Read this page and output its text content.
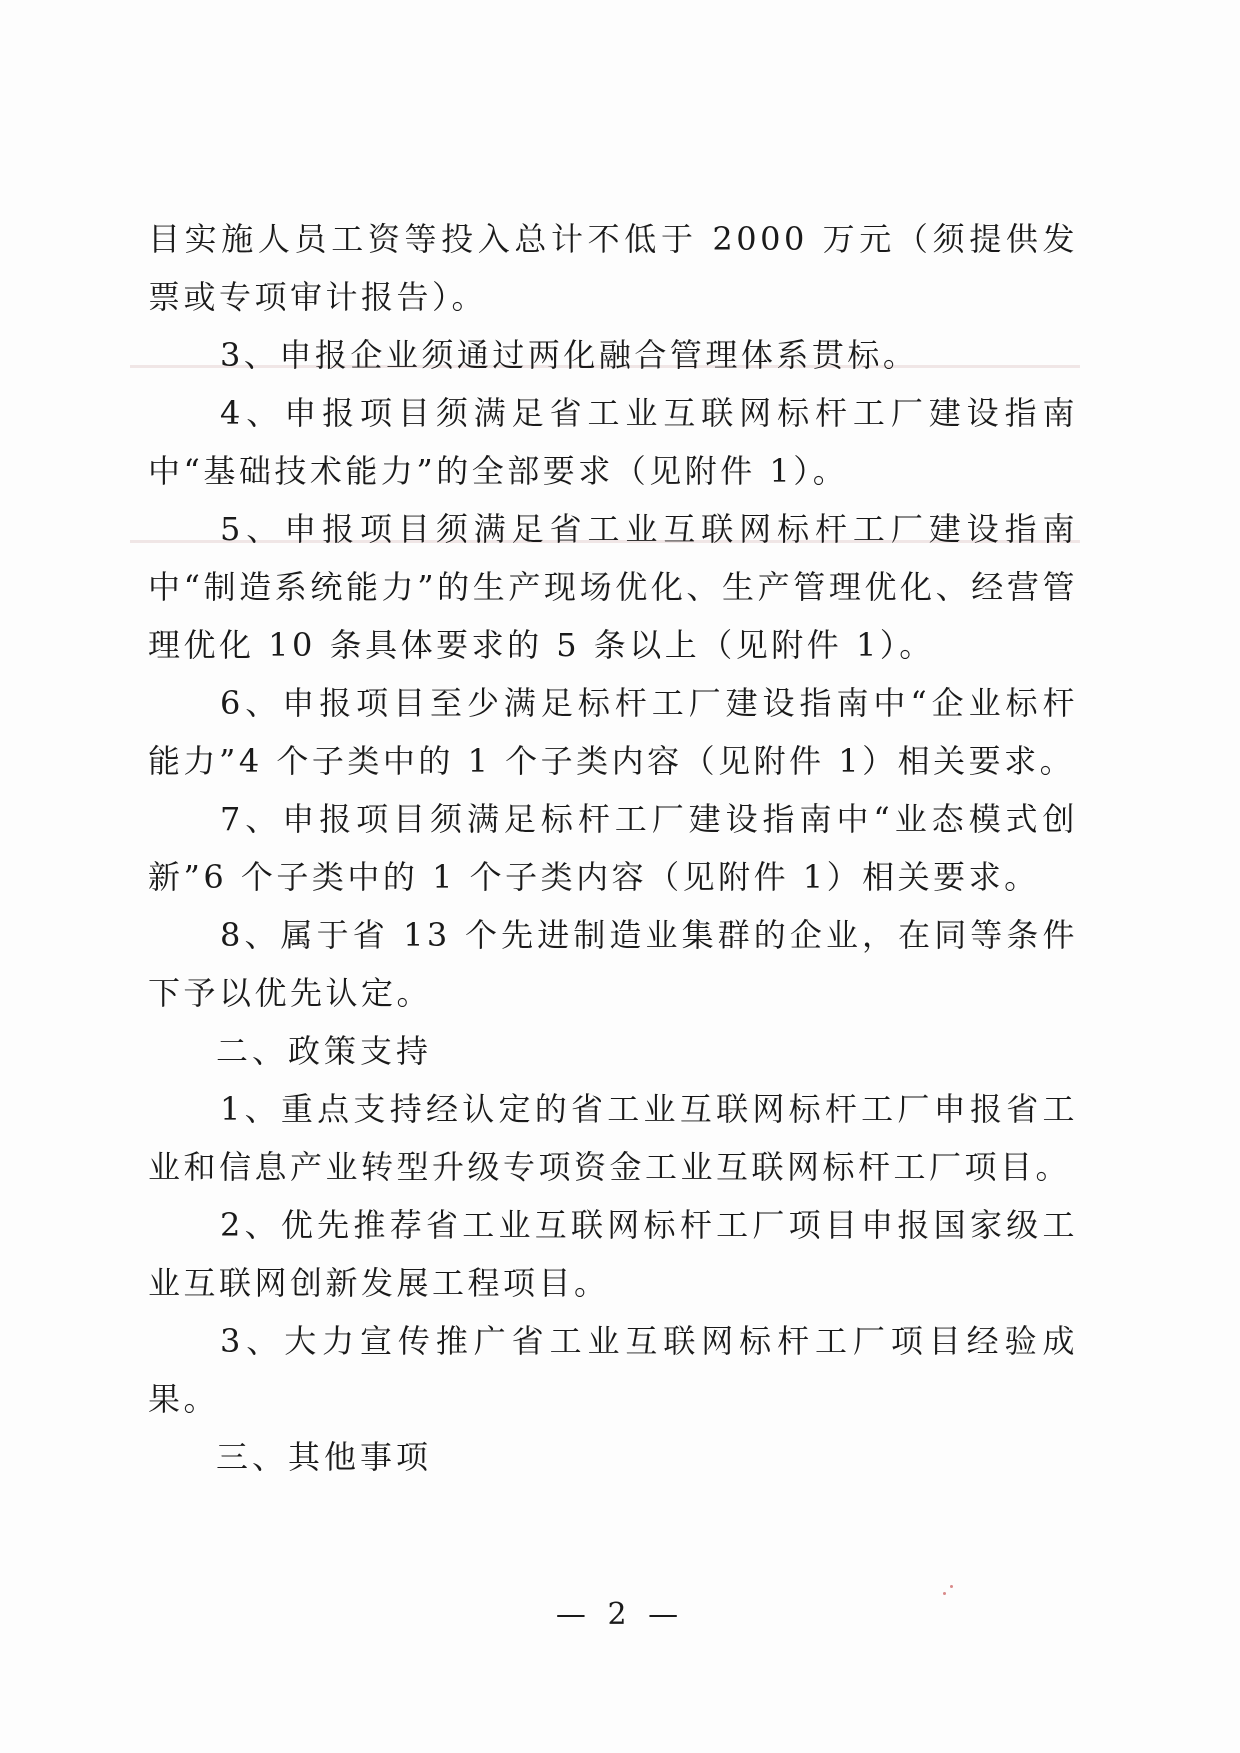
目实施人员工资等投入总计不低于 2000 万元（须提供发票或专项审计报告）。

3、申报企业须通过两化融合管理体系贯标。

4、申报项目须满足省工业互联网标杆工厂建设指南中“基础技术能力”的全部要求（见附件 1）。

5、申报项目须满足省工业互联网标杆工厂建设指南中“制造系统能力”的生产现场优化、生产管理优化、经营管理优化 10 条具体要求的 5 条以上（见附件 1）。

6、申报项目至少满足标杆工厂建设指南中“企业标杆能力”4 个子类中的 1 个子类内容（见附件 1）相关要求。

7、申报项目须满足标杆工厂建设指南中“业态模式创新”6 个子类中的 1 个子类内容（见附件 1）相关要求。

8、属于省 13 个先进制造业集群的企业，在同等条件下予以优先认定。

二、政策支持

1、重点支持经认定的省工业互联网标杆工厂申报省工业和信息产业转型升级专项资金工业互联网标杆工厂项目。

2、优先推荐省工业互联网标杆工厂项目申报国家级工业互联网创新发展工程项目。

3、大力宣传推广省工业互联网标杆工厂项目经验成果。

三、其他事项
— 2 —
